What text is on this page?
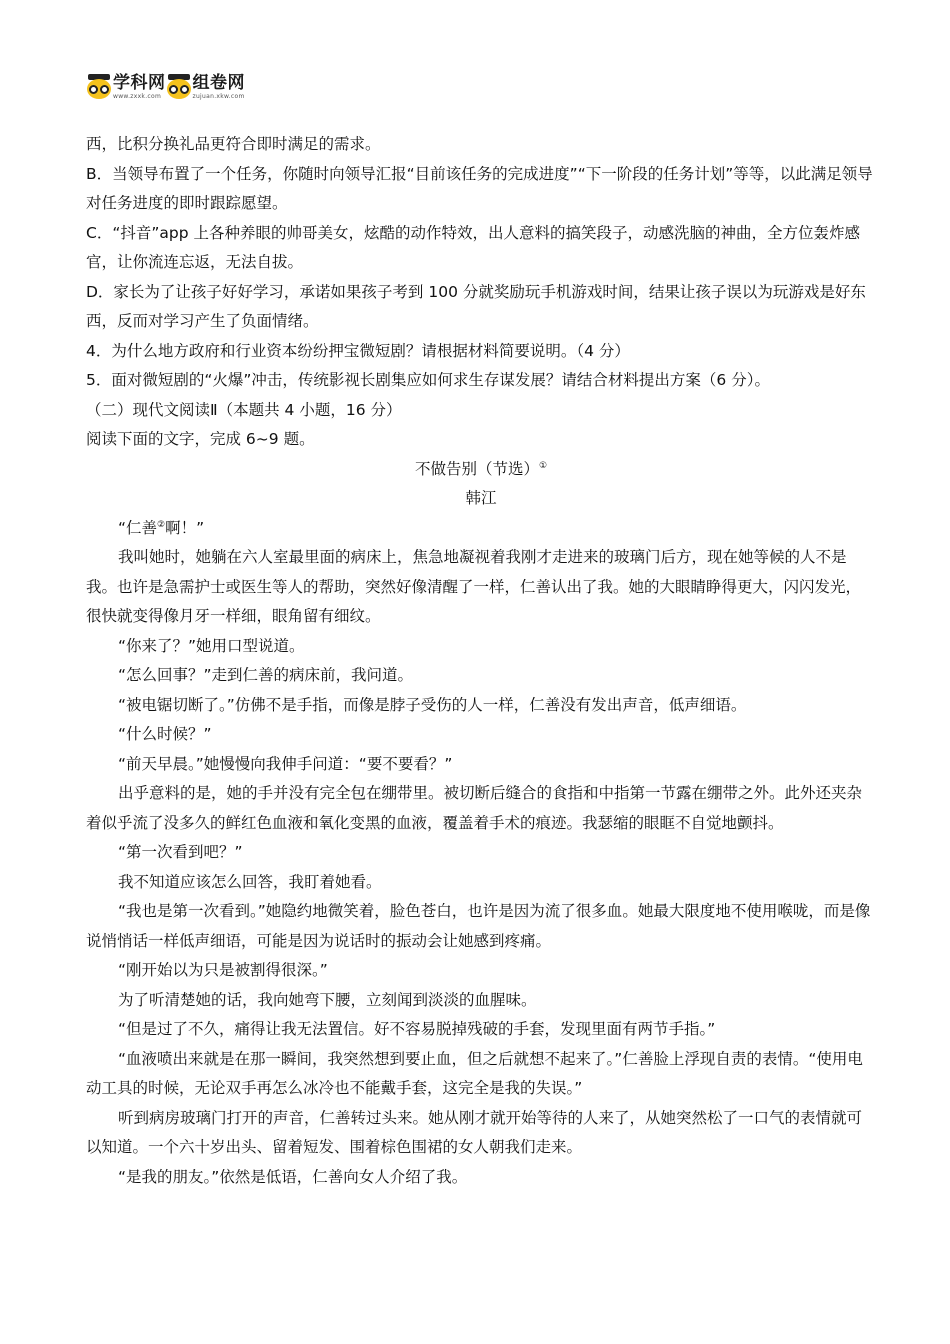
学科网
www.zxxk.com
组卷网
zujuan.xkw.com

西，比积分换礼品更符合即时满足的需求。

B．当领导布置了一个任务，你随时向领导汇报“目前该任务的完成进度”“下一阶段的任务计划”等等，以此满足领导对任务进度的即时跟踪愿望。

C．“抖音”app 上各种养眼的帅哥美女，炫酷的动作特效，出人意料的搞笑段子，动感洗脑的神曲，全方位轰炸感官，让你流连忘返，无法自拔。

D．家长为了让孩子好好学习，承诺如果孩子考到 100 分就奖励玩手机游戏时间，结果让孩子误以为玩游戏是好东西，反而对学习产生了负面情绪。

4．为什么地方政府和行业资本纷纷押宝微短剧？请根据材料简要说明。（4 分）

5．面对微短剧的“火爆”冲击，传统影视长剧集应如何求生存谋发展？请结合材料提出方案（6 分）。

（二）现代文阅读Ⅱ（本题共 4 小题，16 分）

阅读下面的文字，完成 6~9 题。

不做告别（节选）①

韩江

“仁善②啊！”

我叫她时，她躺在六人室最里面的病床上，焦急地凝视着我刚才走进来的玻璃门后方，现在她等候的人不是我。也许是急需护士或医生等人的帮助，突然好像清醒了一样，仁善认出了我。她的大眼睛睁得更大，闪闪发光，很快就变得像月牙一样细，眼角留有细纹。

“你来了？”她用口型说道。

“怎么回事？”走到仁善的病床前，我问道。

“被电锯切断了。”仿佛不是手指，而像是脖子受伤的人一样，仁善没有发出声音，低声细语。

“什么时候？”

“前天早晨。”她慢慢向我伸手问道：“要不要看？”

出乎意料的是，她的手并没有完全包在绷带里。被切断后缝合的食指和中指第一节露在绷带之外。此外还夹杂着似乎流了没多久的鲜红色血液和氧化变黑的血液，覆盖着手术的痕迹。我瑟缩的眼眶不自觉地颤抖。

“第一次看到吧？”

我不知道应该怎么回答，我盯着她看。

“我也是第一次看到。”她隐约地微笑着，脸色苍白，也许是因为流了很多血。她最大限度地不使用喉咙，而是像说悄悄话一样低声细语，可能是因为说话时的振动会让她感到疼痛。

“刚开始以为只是被割得很深。”

为了听清楚她的话，我向她弯下腰，立刻闻到淡淡的血腥味。

“但是过了不久，痛得让我无法置信。好不容易脱掉残破的手套，发现里面有两节手指。”

“血液喷出来就是在那一瞬间，我突然想到要止血，但之后就想不起来了。”仁善脸上浮现自责的表情。“使用电动工具的时候，无论双手再怎么冰冷也不能戴手套，这完全是我的失误。”

听到病房玻璃门打开的声音，仁善转过头来。她从刚才就开始等待的人来了，从她突然松了一口气的表情就可以知道。一个六十岁出头、留着短发、围着棕色围裙的女人朝我们走来。

“是我的朋友。”依然是低语，仁善向女人介绍了我。
